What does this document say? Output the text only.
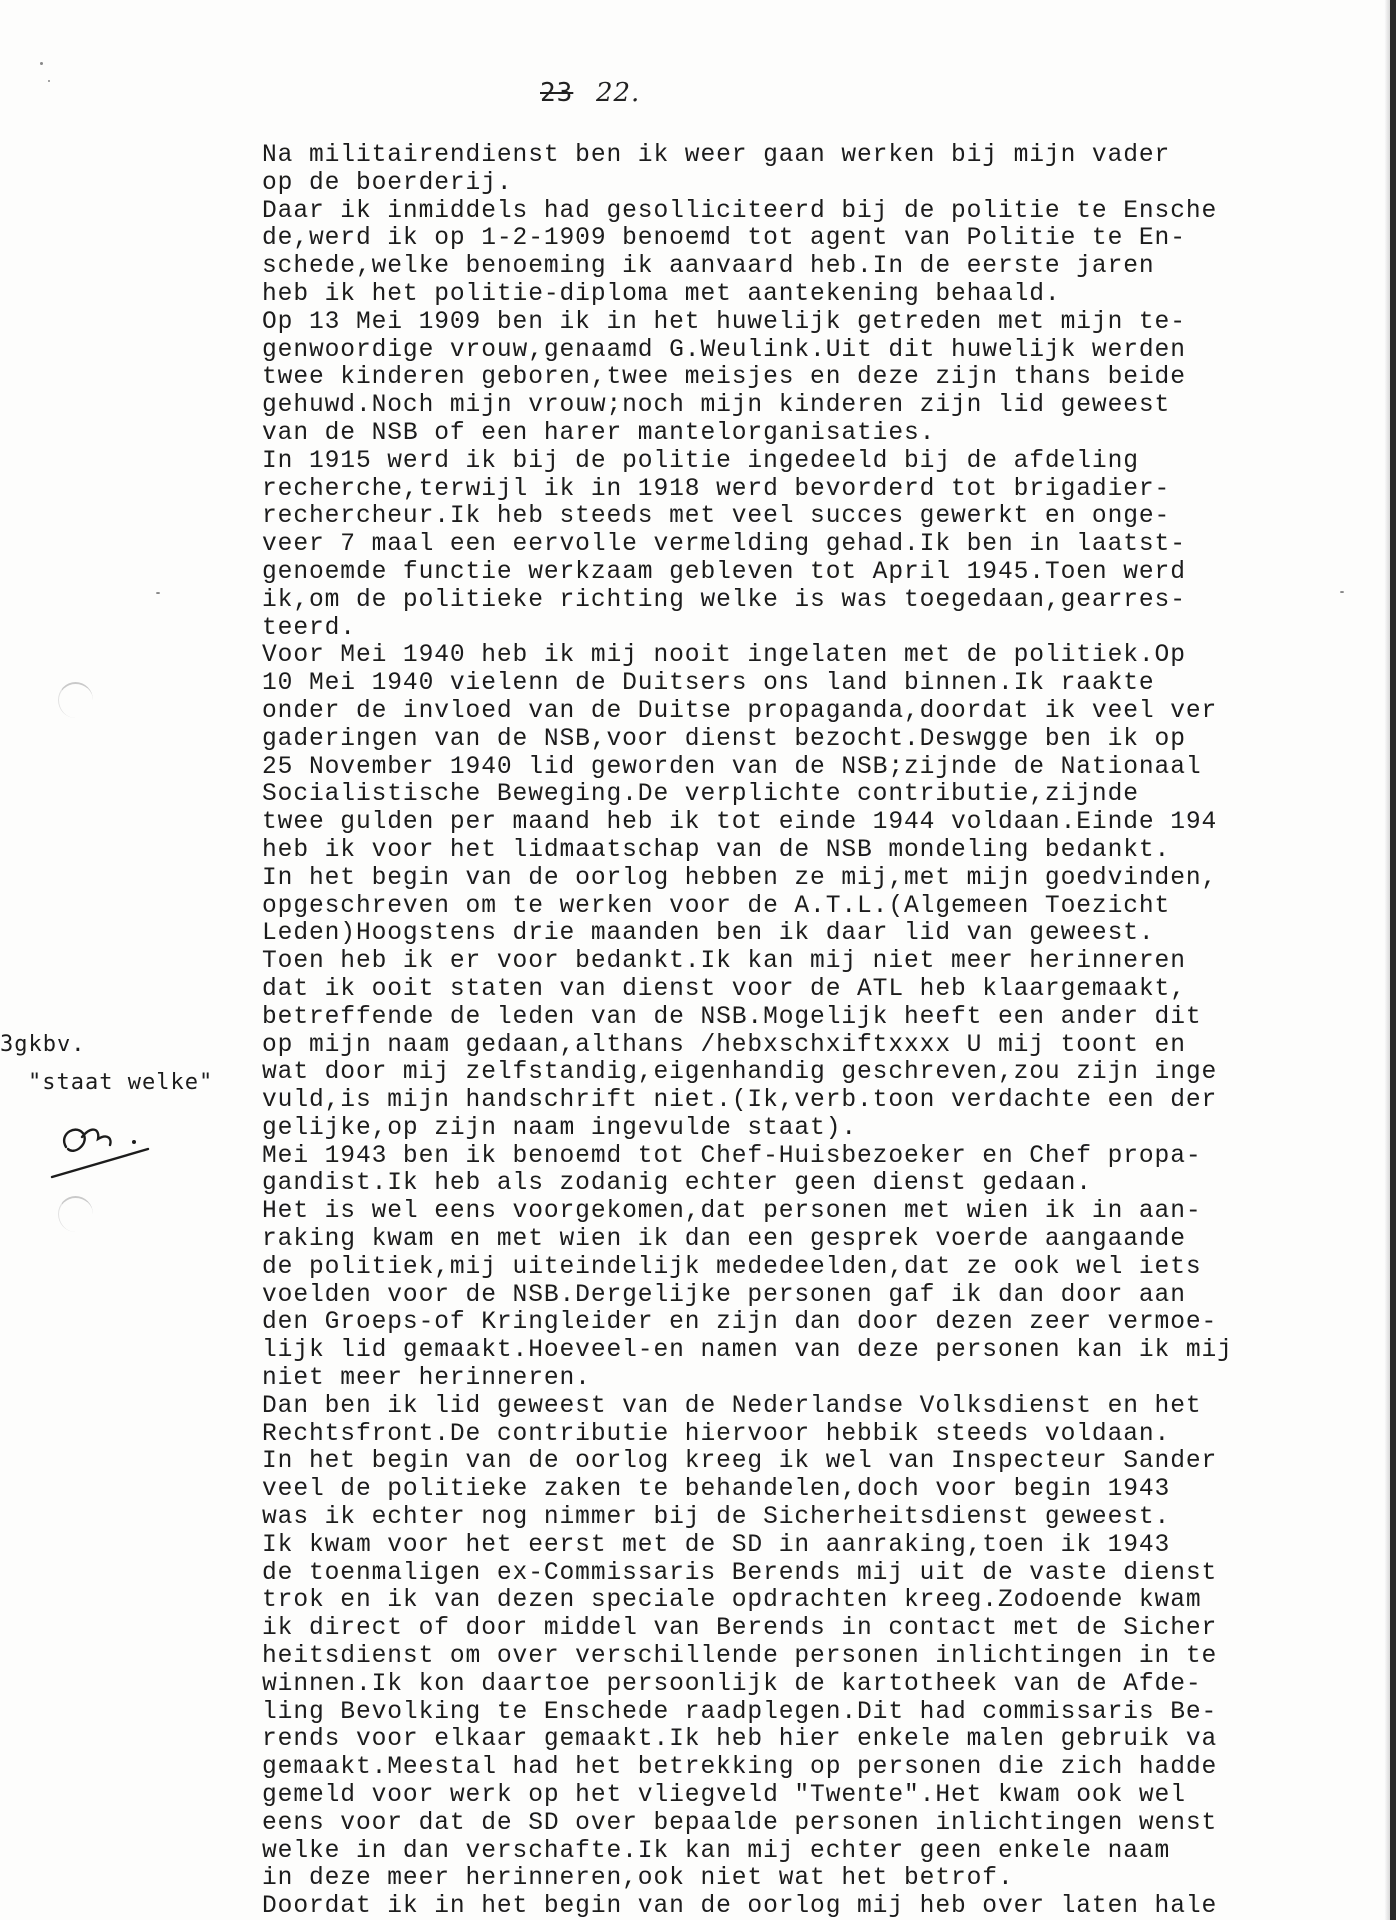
23 22.
Na militairendienst ben ik weer gaan werken bij mijn vader
op de boerderij.
Daar ik inmiddels had gesolliciteerd bij de politie te Ensche
de,werd ik op 1-2-1909 benoemd tot agent van Politie te En-
schede,welke benoeming ik aanvaard heb.In de eerste jaren
heb ik het politie-diploma met aantekening behaald.
Op 13 Mei 1909 ben ik in het huwelijk getreden met mijn te-
genwoordige vrouw,genaamd G.Weulink.Uit dit huwelijk werden
twee kinderen geboren,twee meisjes en deze zijn thans beide
gehuwd.Noch mijn vrouw;noch mijn kinderen zijn lid geweest
van de NSB of een harer mantelorganisaties.
In 1915 werd ik bij de politie ingedeeld bij de afdeling
recherche,terwijl ik in 1918 werd bevorderd tot brigadier-
rechercheur.Ik heb steeds met veel succes gewerkt en onge-
veer 7 maal een eervolle vermelding gehad.Ik ben in laatst-
genoemde functie werkzaam gebleven tot April 1945.Toen werd
ik,om de politieke richting welke is was toegedaan,gearres-
teerd.
Voor Mei 1940 heb ik mij nooit ingelaten met de politiek.Op
10 Mei 1940 vielenn de Duitsers ons land binnen.Ik raakte
onder de invloed van de Duitse propaganda,doordat ik veel ver
gaderingen van de NSB,voor dienst bezocht.Deswgge ben ik op
25 November 1940 lid geworden van de NSB;zijnde de Nationaal
Socialistische Beweging.De verplichte contributie,zijnde
twee gulden per maand heb ik tot einde 1944 voldaan.Einde 194
heb ik voor het lidmaatschap van de NSB mondeling bedankt.
In het begin van de oorlog hebben ze mij,met mijn goedvinden,
opgeschreven om te werken voor de A.T.L.(Algemeen Toezicht
Leden)Hoogstens drie maanden ben ik daar lid van geweest.
Toen heb ik er voor bedankt.Ik kan mij niet meer herinneren
dat ik ooit staten van dienst voor de ATL heb klaargemaakt,
betreffende de leden van de NSB.Mogelijk heeft een ander dit
op mijn naam gedaan,althans /hebxschxiftxxxx U mij toont en
wat door mij zelfstandig,eigenhandig geschreven,zou zijn inge
vuld,is mijn handschrift niet.(Ik,verb.toon verdachte een der
gelijke,op zijn naam ingevulde staat).
Mei 1943 ben ik benoemd tot Chef-Huisbezoeker en Chef propa-
gandist.Ik heb als zodanig echter geen dienst gedaan.
Het is wel eens voorgekomen,dat personen met wien ik in aan-
raking kwam en met wien ik dan een gesprek voerde aangaande
de politiek,mij uiteindelijk mededeelden,dat ze ook wel iets
voelden voor de NSB.Dergelijke personen gaf ik dan door aan
den Groeps-of Kringleider en zijn dan door dezen zeer vermoe-
lijk lid gemaakt.Hoeveel-en namen van deze personen kan ik mij
niet meer herinneren.
Dan ben ik lid geweest van de Nederlandse Volksdienst en het
Rechtsfront.De contributie hiervoor hebbik steeds voldaan.
In het begin van de oorlog kreeg ik wel van Inspecteur Sander
veel de politieke zaken te behandelen,doch voor begin 1943
was ik echter nog nimmer bij de Sicherheitsdienst geweest.
Ik kwam voor het eerst met de SD in aanraking,toen ik 1943
de toenmaligen ex-Commissaris Berends mij uit de vaste dienst
trok en ik van dezen speciale opdrachten kreeg.Zodoende kwam
ik direct of door middel van Berends in contact met de Sicher
heitsdienst om over verschillende personen inlichtingen in te
winnen.Ik kon daartoe persoonlijk de kartotheek van de Afde-
ling Bevolking te Enschede raadplegen.Dit had commissaris Be-
rends voor elkaar gemaakt.Ik heb hier enkele malen gebruik va
gemaakt.Meestal had het betrekking op personen die zich hadde
gemeld voor werk op het vliegveld "Twente".Het kwam ook wel
eens voor dat de SD over bepaalde personen inlichtingen wenst
welke in dan verschafte.Ik kan mij echter geen enkele naam
in deze meer herinneren,ook niet wat het betrof.
Doordat ik in het begin van de oorlog mij heb over laten hale
3gkbv.
"staat welke"
